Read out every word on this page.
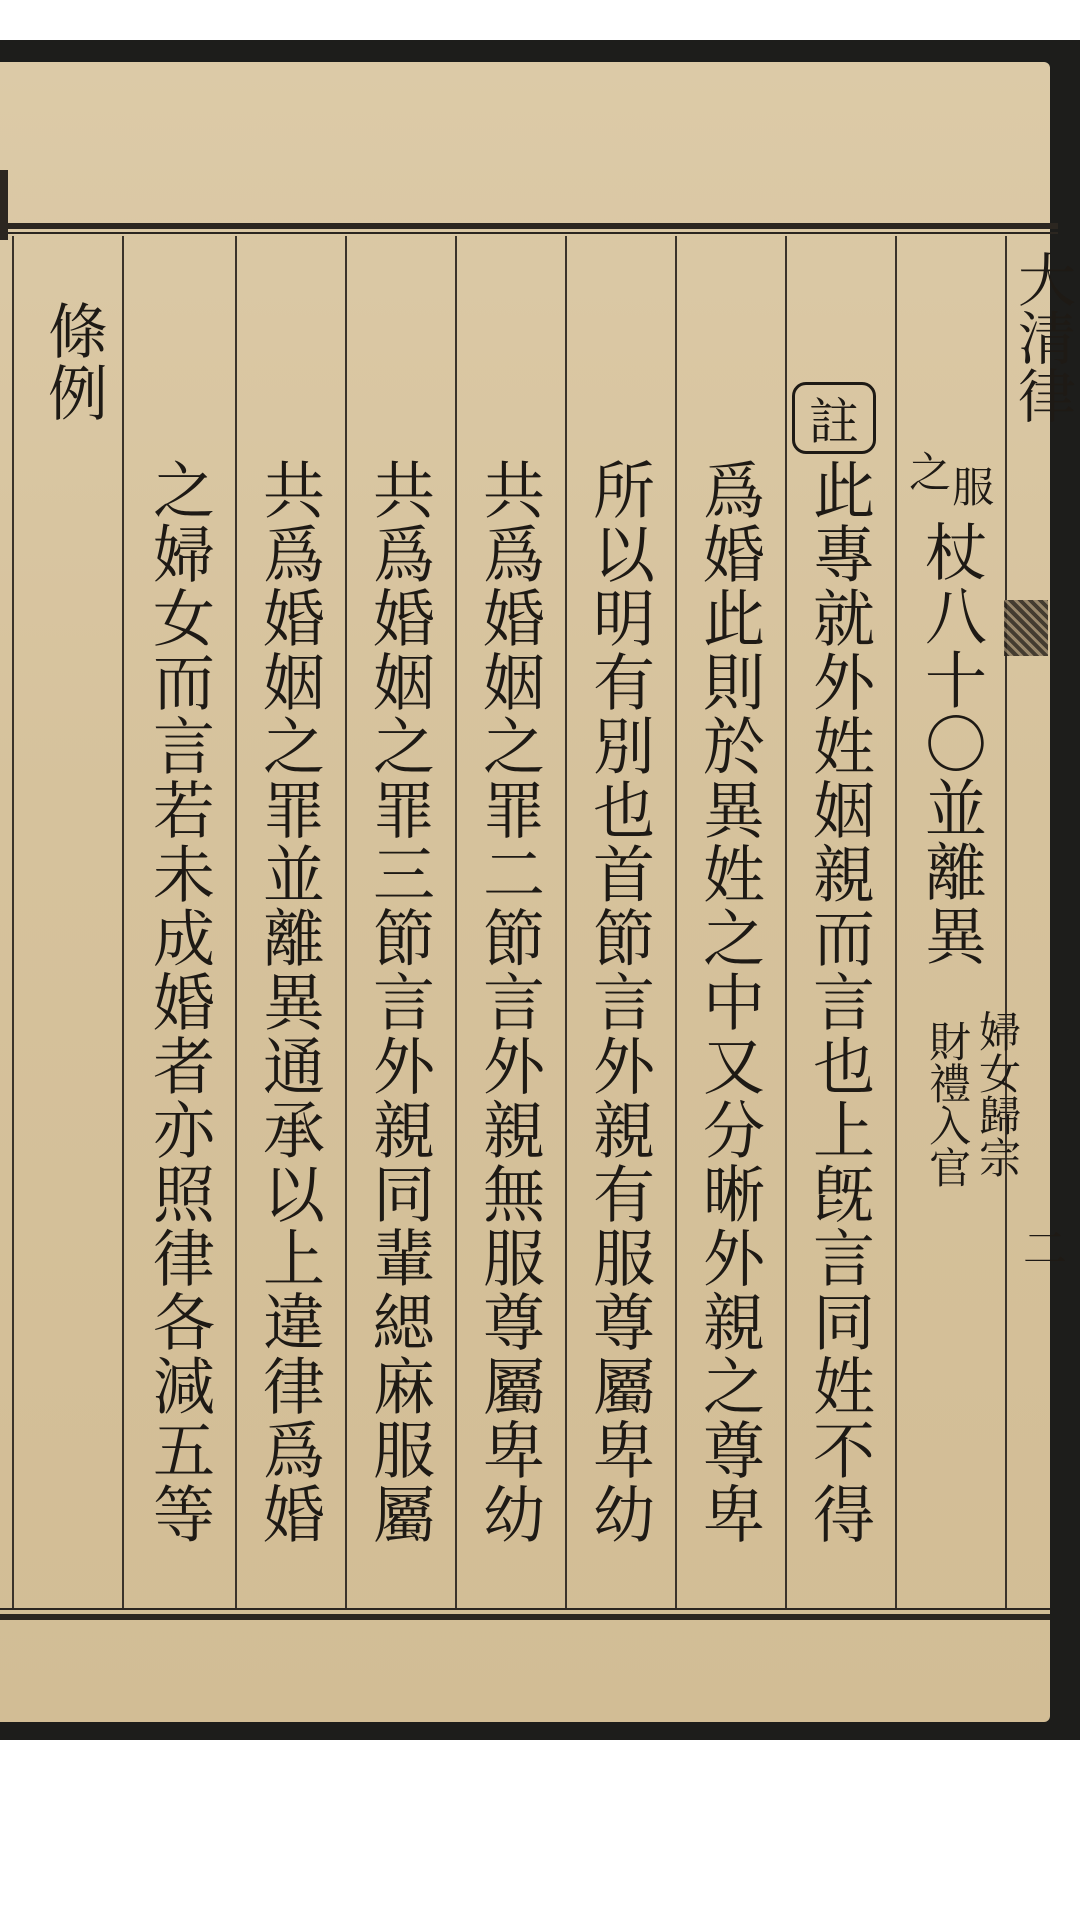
大清律
二
服
之
杖八十〇並離異
婦女歸宗
財禮入官
註
此專就外姓姻親而言也上旣言同姓不得
爲婚此則於異姓之中又分晰外親之尊卑
所以明有別也首節言外親有服尊屬卑幼
共爲婚姻之罪二節言外親無服尊屬卑幼
共爲婚姻之罪三節言外親同輩緦麻服屬
共爲婚姻之罪並離異通承以上違律爲婚
之婦女而言若未成婚者亦照律各減五等
條例
